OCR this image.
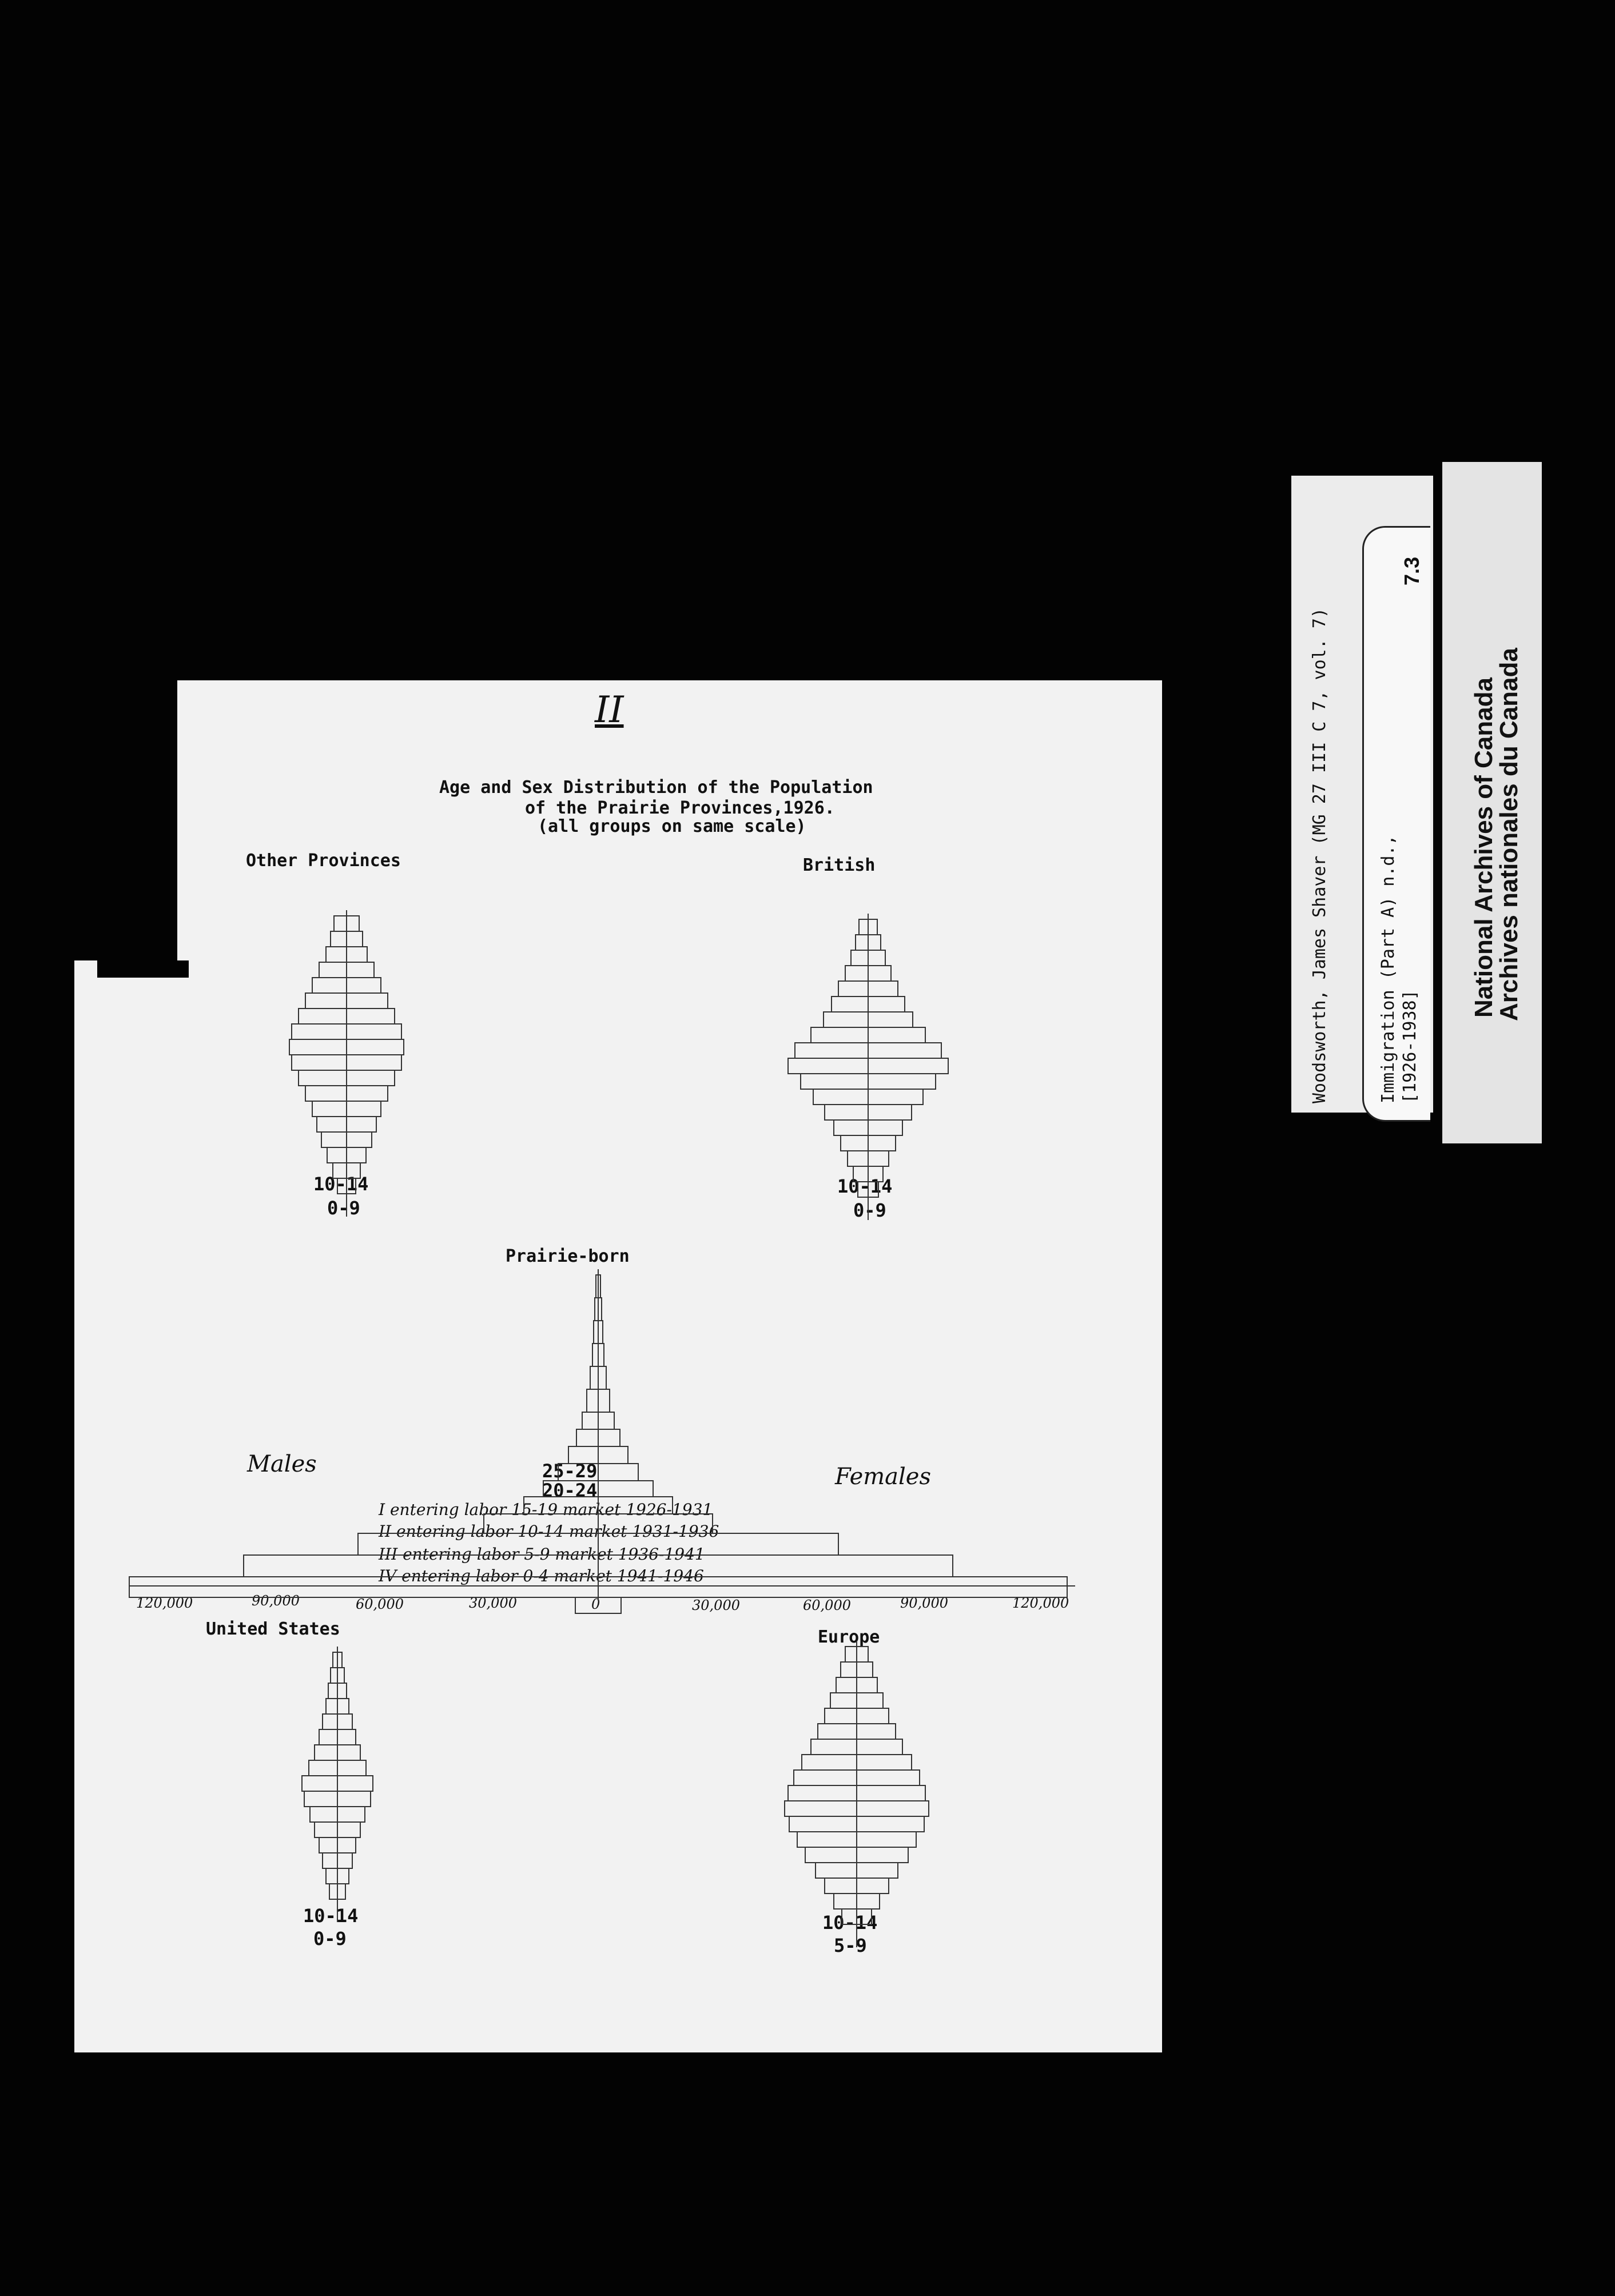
II
Age and Sex Distribution of the Population
of the Prairie Provinces,1926.
(all groups on same scale)
Other Provinces	British
Prairie-born
United States	Europe
10-14
0-9
10-14
0-9
10-14
0-9
10-14
5-9
Males	Females
25-29
20-24
I entering labor 15-19 market 1926-1931
II entering labor 10-14 market 1931-1936
III entering labor 5-9 market 1936-1941
IV entering labor 0-4 market 1941-1946
120,000	90,000	60,000	30,000	0	30,000	60,000	90,000	120,000
Woodsworth, James Shaver (MG 27 III C 7, vol. 7)	Immigration (Part A) n.d., [1926-1938]
7.3
National Archives of Canada
Archives nationales du Canada
